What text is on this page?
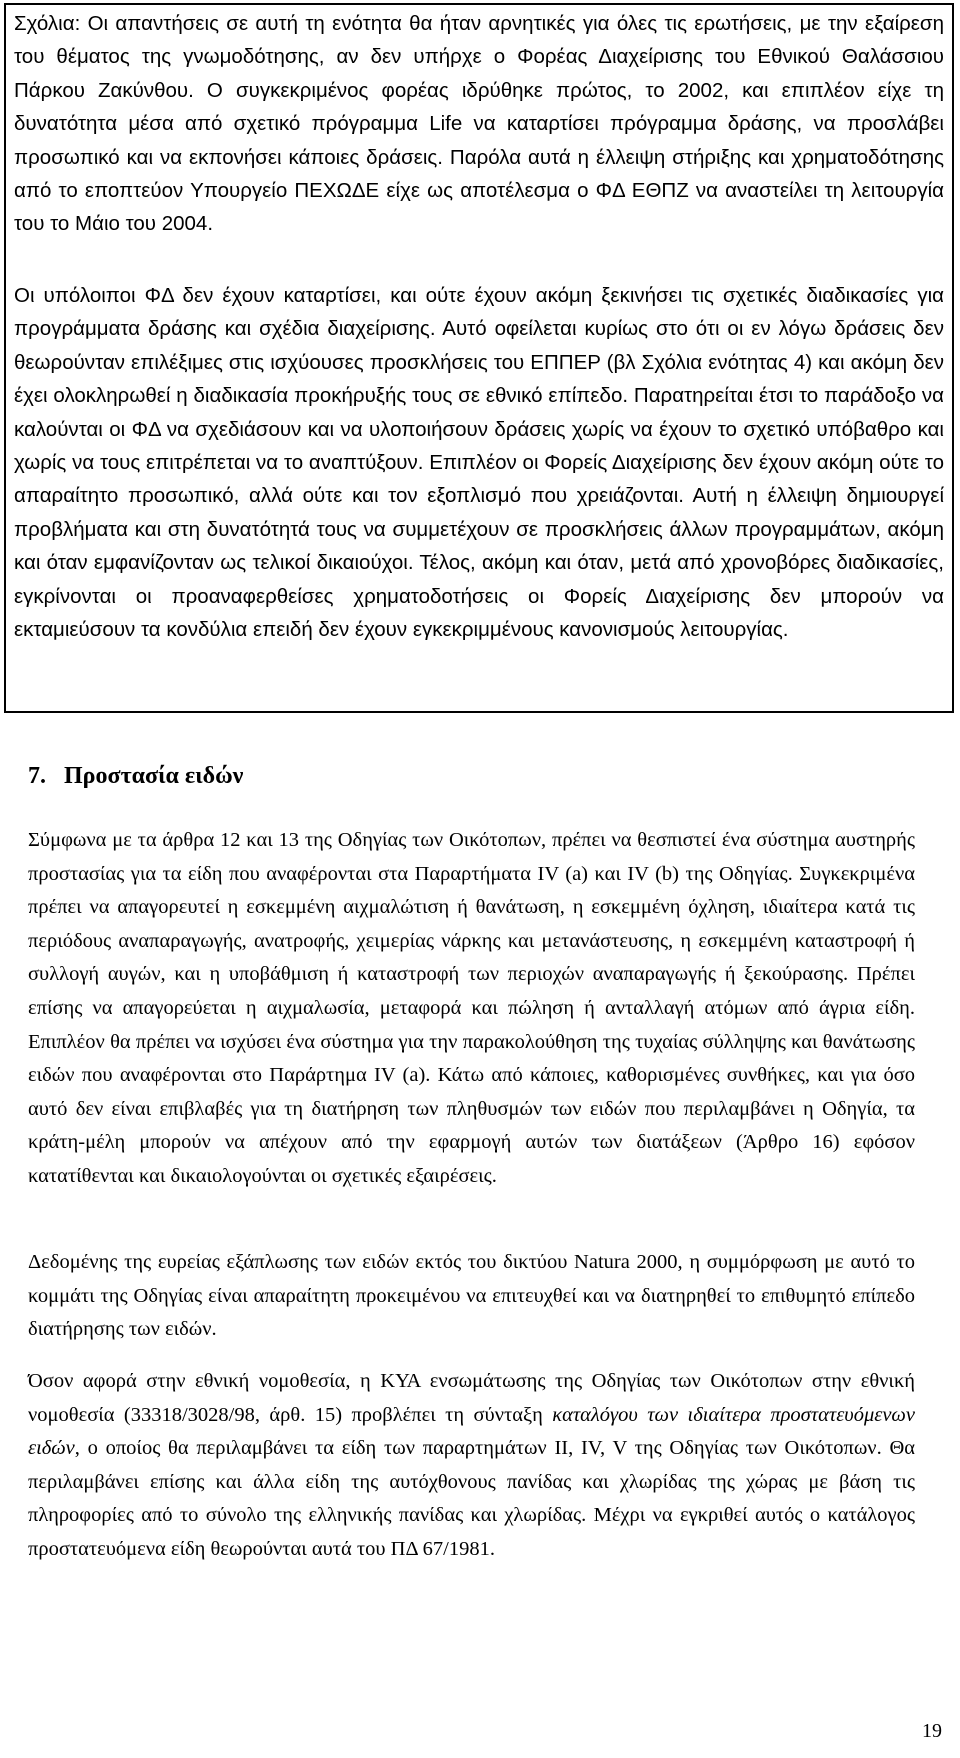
Σχόλια: Οι απαντήσεις σε αυτή τη ενότητα θα ήταν αρνητικές για όλες τις ερωτήσεις, με την εξαίρεση του θέματος της γνωμοδότησης, αν δεν υπήρχε ο Φορέας Διαχείρισης του Εθνικού Θαλάσσιου Πάρκου Ζακύνθου. Ο συγκεκριμένος φορέας ιδρύθηκε πρώτος, το 2002, και επιπλέον είχε τη δυνατότητα μέσα από σχετικό πρόγραμμα Life να καταρτίσει πρόγραμμα δράσης, να προσλάβει προσωπικό και να εκπονήσει κάποιες δράσεις. Παρόλα αυτά η έλλειψη στήριξης και χρηματοδότησης από το εποπτεύον Υπουργείο ΠΕΧΩΔΕ είχε ως αποτέλεσμα ο ΦΔ ΕΘΠΖ να αναστείλει τη λειτουργία του το Μάιο του 2004.

Οι υπόλοιποι ΦΔ δεν έχουν καταρτίσει, και ούτε έχουν ακόμη ξεκινήσει τις σχετικές διαδικασίες για προγράμματα δράσης και σχέδια διαχείρισης. Αυτό οφείλεται κυρίως στο ότι οι εν λόγω δράσεις δεν θεωρούνταν επιλέξιμες στις ισχύουσες προσκλήσεις του ΕΠΠΕΡ (βλ Σχόλια ενότητας 4) και ακόμη δεν έχει ολοκληρωθεί η διαδικασία προκήρυξής τους σε εθνικό επίπεδο. Παρατηρείται έτσι το παράδοξο να καλούνται οι ΦΔ να σχεδιάσουν και να υλοποιήσουν δράσεις χωρίς να έχουν το σχετικό υπόβαθρο και χωρίς να τους επιτρέπεται να το αναπτύξουν. Επιπλέον οι Φορείς Διαχείρισης δεν έχουν ακόμη ούτε το απαραίτητο προσωπικό, αλλά ούτε και τον εξοπλισμό που χρειάζονται. Αυτή η έλλειψη δημιουργεί προβλήματα και στη δυνατότητά τους να συμμετέχουν σε προσκλήσεις άλλων προγραμμάτων, ακόμη και όταν εμφανίζονταν ως τελικοί δικαιούχοι. Τέλος, ακόμη και όταν, μετά από χρονοβόρες διαδικασίες, εγκρίνονται οι προαναφερθείσες χρηματοδοτήσεις οι Φορείς Διαχείρισης δεν μπορούν να εκταμιεύσουν τα κονδύλια επειδή δεν έχουν εγκεκριμμένους κανονισμούς λειτουργίας.

7. Προστασία ειδών

Σύμφωνα με τα άρθρα 12 και 13 της Οδηγίας των Οικότοπων, πρέπει να θεσπιστεί ένα σύστημα αυστηρής προστασίας για τα είδη που αναφέρονται στα Παραρτήματα IV (a) και IV (b) της Οδηγίας. Συγκεκριμένα πρέπει να απαγορευτεί η εσκεμμένη αιχμαλώτιση ή θανάτωση, η εσκεμμένη όχληση, ιδιαίτερα κατά τις περιόδους αναπαραγωγής, ανατροφής, χειμερίας νάρκης και μετανάστευσης, η εσκεμμένη καταστροφή ή συλλογή αυγών, και η υποβάθμιση ή καταστροφή των περιοχών αναπαραγωγής ή ξεκούρασης. Πρέπει επίσης να απαγορεύεται η αιχμαλωσία, μεταφορά και πώληση ή ανταλλαγή ατόμων από άγρια είδη. Επιπλέον θα πρέπει να ισχύσει ένα σύστημα για την παρακολούθηση της τυχαίας σύλληψης και θανάτωσης ειδών που αναφέρονται στο Παράρτημα IV (a). Κάτω από κάποιες, καθορισμένες συνθήκες, και για όσο αυτό δεν είναι επιβλαβές για τη διατήρηση των πληθυσμών των ειδών που περιλαμβάνει η Οδηγία, τα κράτη-μέλη μπορούν να απέχουν από την εφαρμογή αυτών των διατάξεων (Άρθρο 16) εφόσον κατατίθενται και δικαιολογούνται οι σχετικές εξαιρέσεις.

Δεδομένης της ευρείας εξάπλωσης των ειδών εκτός του δικτύου Natura 2000, η συμμόρφωση με αυτό το κομμάτι της Οδηγίας είναι απαραίτητη προκειμένου να επιτευχθεί και να διατηρηθεί το επιθυμητό επίπεδο διατήρησης των ειδών.

Όσον αφορά στην εθνική νομοθεσία, η ΚΥΑ ενσωμάτωσης της Οδηγίας των Οικότοπων στην εθνική νομοθεσία (33318/3028/98, άρθ. 15) προβλέπει τη σύνταξη καταλόγου των ιδιαίτερα προστατευόμενων ειδών, ο οποίος θα περιλαμβάνει τα είδη των παραρτημάτων II, IV, V της Οδηγίας των Οικότοπων. Θα περιλαμβάνει επίσης και άλλα είδη της αυτόχθονους πανίδας και χλωρίδας της χώρας με βάση τις πληροφορίες από το σύνολο της ελληνικής πανίδας και χλωρίδας. Μέχρι να εγκριθεί αυτός ο κατάλογος προστατευόμενα είδη θεωρούνται αυτά του ΠΔ 67/1981.

19
